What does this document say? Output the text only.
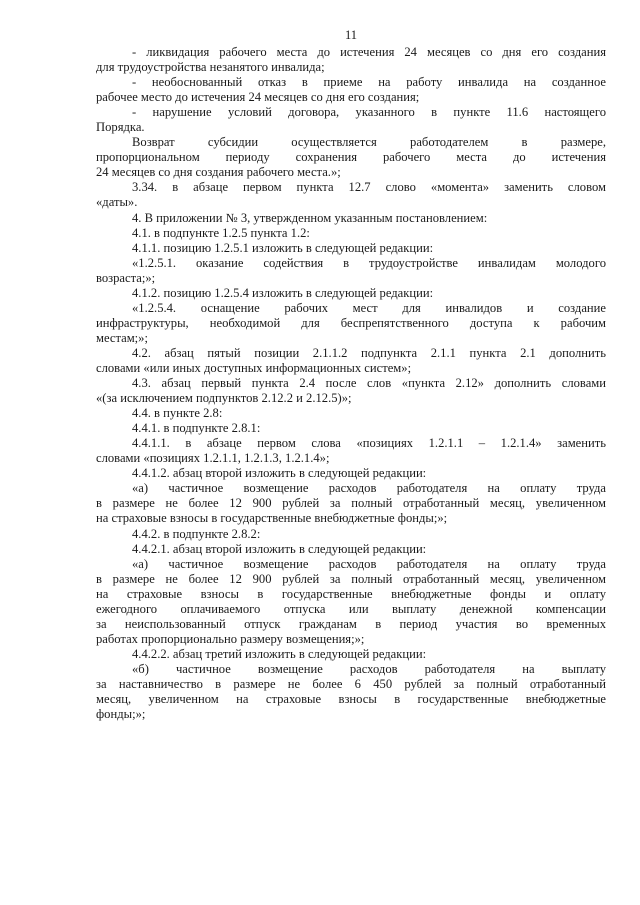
11
- ликвидация рабочего места до истечения 24 месяцев со дня его создания
для трудоустройства незанятого инвалида;
- необоснованный отказ в приеме на работу инвалида на созданное
рабочее место до истечения 24 месяцев со дня его создания;
- нарушение условий договора, указанного в пункте 11.6 настоящего
Порядка.
Возврат субсидии осуществляется работодателем в размере,
пропорциональном периоду сохранения рабочего места до истечения
24 месяцев со дня создания рабочего места.»;
3.34. в абзаце первом пункта 12.7 слово «момента» заменить словом
«даты».
4. В приложении № 3, утвержденном указанным постановлением:
4.1. в подпункте 1.2.5 пункта 1.2:
4.1.1. позицию 1.2.5.1 изложить в следующей редакции:
«1.2.5.1. оказание содействия в трудоустройстве инвалидам молодого
возраста;»;
4.1.2. позицию 1.2.5.4 изложить в следующей редакции:
«1.2.5.4. оснащение рабочих мест для инвалидов и создание
инфраструктуры, необходимой для беспрепятственного доступа к рабочим
местам;»;
4.2. абзац пятый позиции 2.1.1.2 подпункта 2.1.1 пункта 2.1 дополнить
словами «или иных доступных информационных систем»;
4.3. абзац первый пункта 2.4 после слов «пункта 2.12» дополнить словами
«(за исключением подпунктов 2.12.2 и 2.12.5)»;
4.4. в пункте 2.8:
4.4.1. в подпункте 2.8.1:
4.4.1.1. в абзаце первом слова «позициях 1.2.1.1 – 1.2.1.4» заменить
словами «позициях 1.2.1.1, 1.2.1.3, 1.2.1.4»;
4.4.1.2. абзац второй изложить в следующей редакции:
«а) частичное возмещение расходов работодателя на оплату труда
в размере не более 12 900 рублей за полный отработанный месяц, увеличенном
на страховые взносы в государственные внебюджетные фонды;»;
4.4.2. в подпункте 2.8.2:
4.4.2.1. абзац второй изложить в следующей редакции:
«а) частичное возмещение расходов работодателя на оплату труда
в размере не более 12 900 рублей за полный отработанный месяц, увеличенном
на страховые взносы в государственные внебюджетные фонды и оплату
ежегодного оплачиваемого отпуска или выплату денежной компенсации
за неиспользованный отпуск гражданам в период участия во временных
работах пропорционально размеру возмещения;»;
4.4.2.2. абзац третий изложить в следующей редакции:
«б) частичное возмещение расходов работодателя на выплату
за наставничество в размере не более 6 450 рублей за полный отработанный
месяц, увеличенном на страховые взносы в государственные внебюджетные
фонды;»;
